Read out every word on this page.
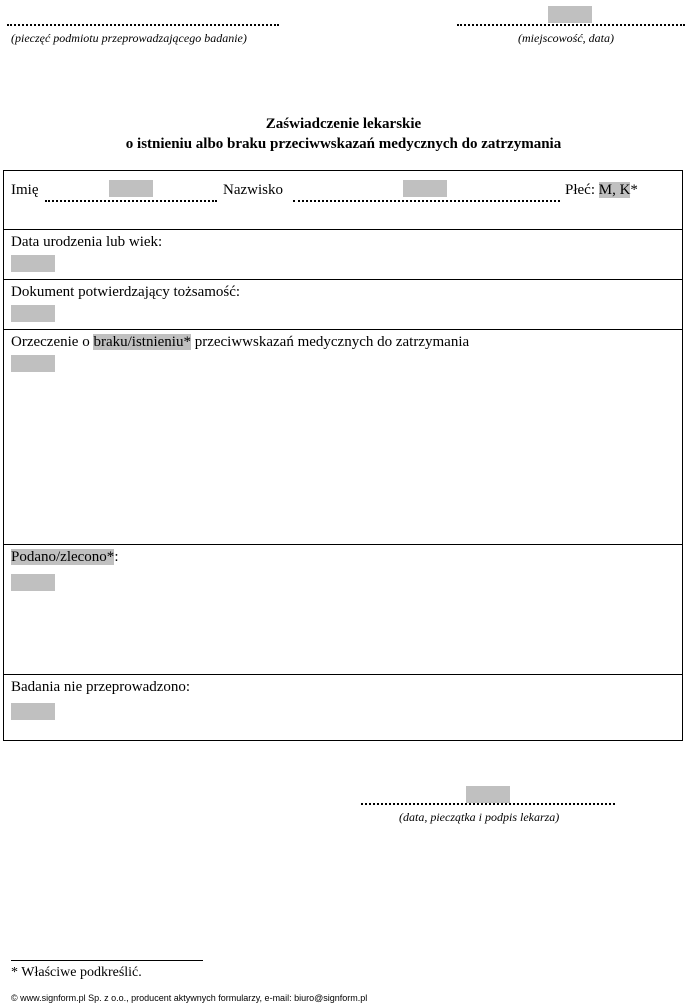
(pieczęć podmiotu przeprowadzającego badanie)	(miejscowość, data)
Zaświadczenie lekarskie
o istnieniu albo braku przeciwwskazań medycznych do zatrzymania
Imię	Nazwisko	Płeć: M, K*
Data urodzenia lub wiek:
Dokument potwierdzający tożsamość:
Orzeczenie o braku/istnieniu* przeciwwskazań medycznych do zatrzymania
Podano/zlecono*:
Badania nie przeprowadzono:
(data, pieczątka i podpis lekarza)
* Właściwe podkreślić.
© www.signform.pl Sp. z o.o., producent aktywnych formularzy, e-mail: biuro@signform.pl
